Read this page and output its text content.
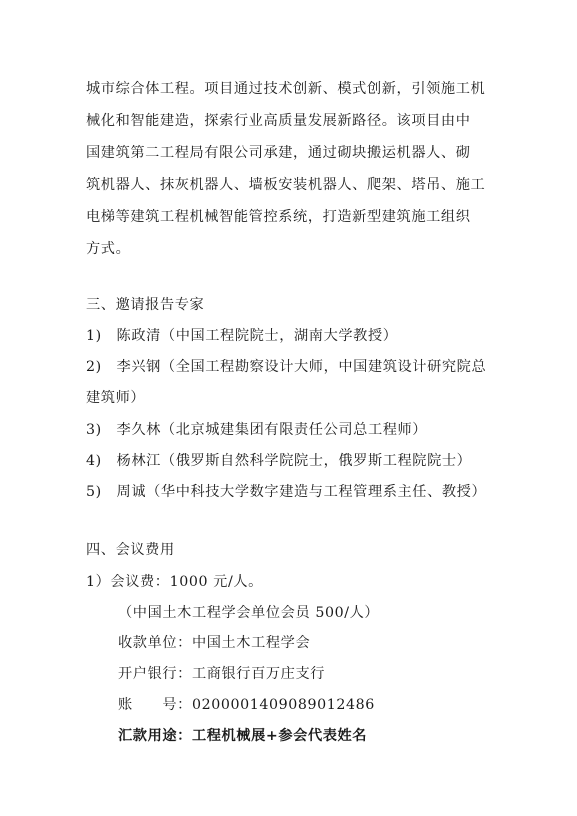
城市综合体工程。项目通过技术创新、模式创新，引领施工机
械化和智能建造，探索行业高质量发展新路径。该项目由中
国建筑第二工程局有限公司承建，通过砌块搬运机器人、砌
筑机器人、抹灰机器人、墙板安装机器人、爬架、塔吊、施工
电梯等建筑工程机械智能管控系统，打造新型建筑施工组织
方式。
三、邀请报告专家
1)　陈政清（中国工程院院士，湖南大学教授）
2)　李兴钢（全国工程勘察设计大师，中国建筑设计研究院总
建筑师）
3)　李久林（北京城建集团有限责任公司总工程师）
4)　杨林江（俄罗斯自然科学院院士，俄罗斯工程院院士）
5)　周诚（华中科技大学数字建造与工程管理系主任、教授）
四、会议费用
1）会议费：1000 元/人。
（中国土木工程学会单位会员 500/人）
收款单位：中国土木工程学会
开户银行：工商银行百万庄支行
账　　号：0200001409089012486
汇款用途：工程机械展+参会代表姓名
